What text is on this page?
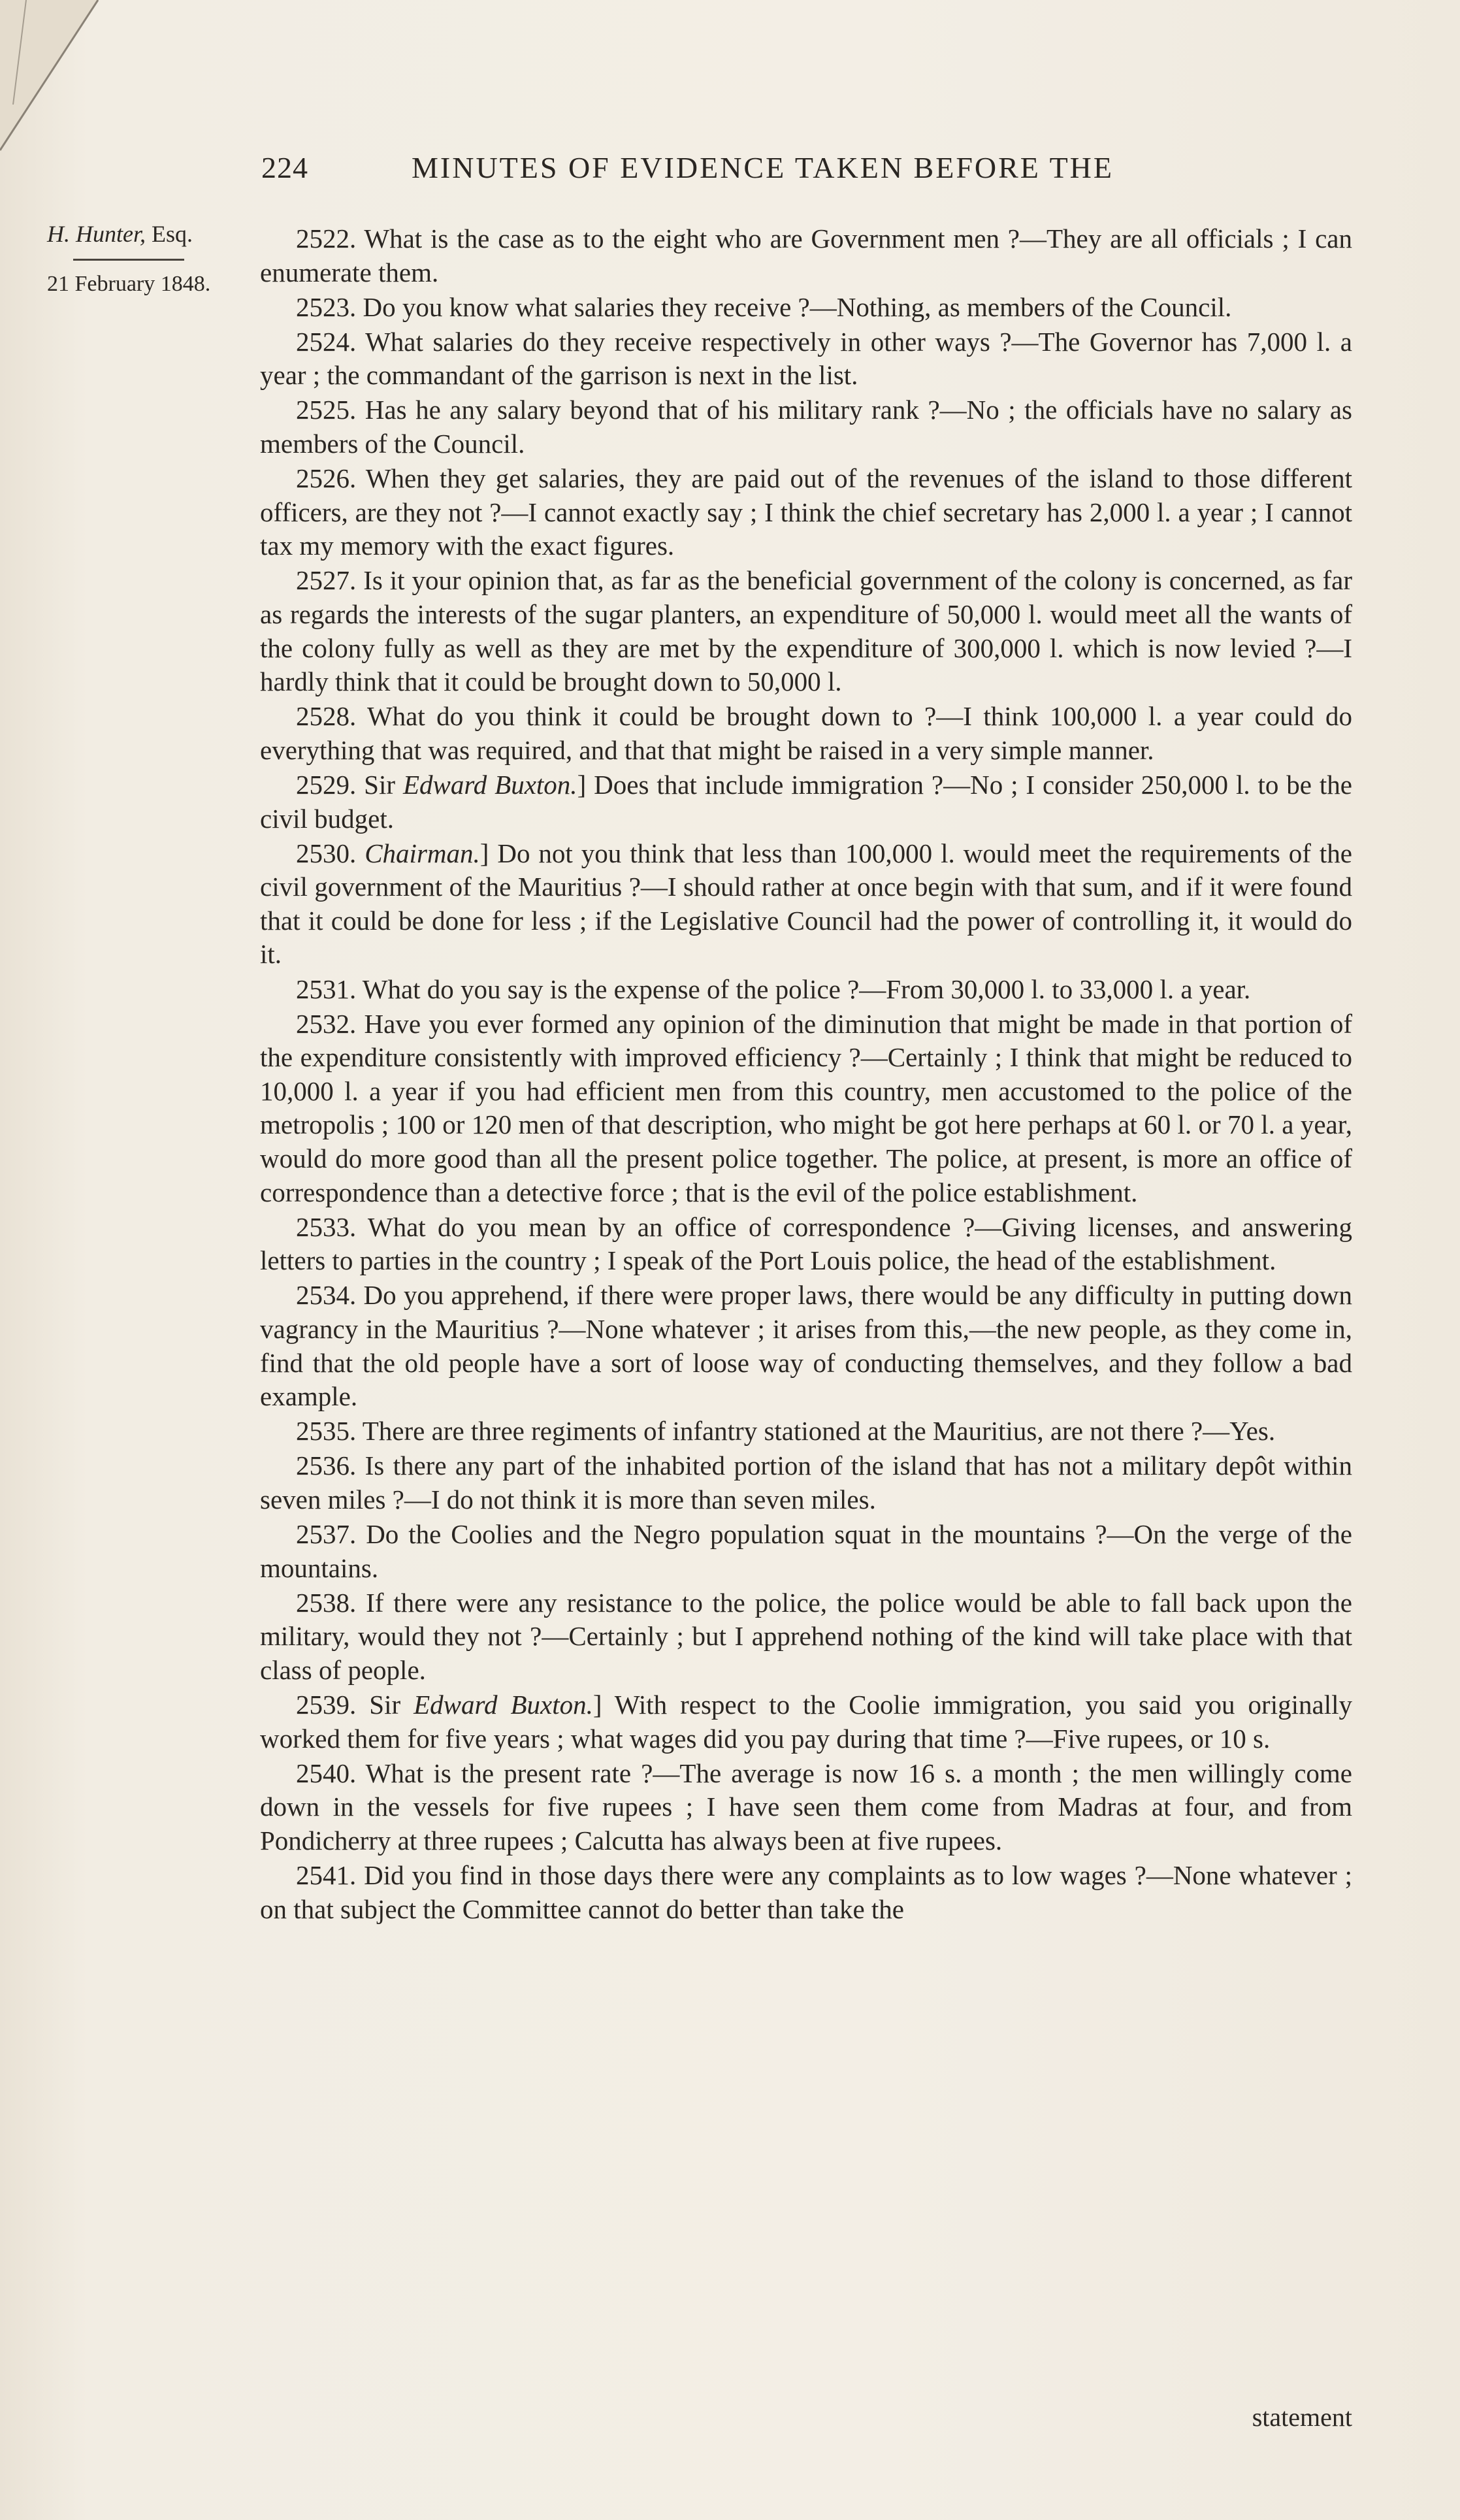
224	MINUTES OF EVIDENCE TAKEN BEFORE THE
H. Hunter, Esq.
21 February 1848.

2522. What is the case as to the eight who are Government men ?—They are all officials ; I can enumerate them.

2523. Do you know what salaries they receive ?—Nothing, as members of the Council.

2524. What salaries do they receive respectively in other ways ?—The Governor has 7,000 l. a year ; the commandant of the garrison is next in the list.

2525. Has he any salary beyond that of his military rank ?—No ; the officials have no salary as members of the Council.

2526. When they get salaries, they are paid out of the revenues of the island to those different officers, are they not ?—I cannot exactly say ; I think the chief secretary has 2,000 l. a year ; I cannot tax my memory with the exact figures.

2527. Is it your opinion that, as far as the beneficial government of the colony is concerned, as far as regards the interests of the sugar planters, an expenditure of 50,000 l. would meet all the wants of the colony fully as well as they are met by the expenditure of 300,000 l. which is now levied ?—I hardly think that it could be brought down to 50,000 l.

2528. What do you think it could be brought down to ?—I think 100,000 l. a year could do everything that was required, and that that might be raised in a very simple manner.

2529. Sir Edward Buxton.] Does that include immigration ?—No ; I consider 250,000 l. to be the civil budget.

2530. Chairman.] Do not you think that less than 100,000 l. would meet the requirements of the civil government of the Mauritius ?—I should rather at once begin with that sum, and if it were found that it could be done for less ; if the Legislative Council had the power of controlling it, it would do it.

2531. What do you say is the expense of the police ?—From 30,000 l. to 33,000 l. a year.

2532. Have you ever formed any opinion of the diminution that might be made in that portion of the expenditure consistently with improved efficiency ?—Certainly ; I think that might be reduced to 10,000 l. a year if you had efficient men from this country, men accustomed to the police of the metropolis ; 100 or 120 men of that description, who might be got here perhaps at 60 l. or 70 l. a year, would do more good than all the present police together. The police, at present, is more an office of correspondence than a detective force ; that is the evil of the police establishment.

2533. What do you mean by an office of correspondence ?—Giving licenses, and answering letters to parties in the country ; I speak of the Port Louis police, the head of the establishment.

2534. Do you apprehend, if there were proper laws, there would be any difficulty in putting down vagrancy in the Mauritius ?—None whatever ; it arises from this,—the new people, as they come in, find that the old people have a sort of loose way of conducting themselves, and they follow a bad example.

2535. There are three regiments of infantry stationed at the Mauritius, are not there ?—Yes.

2536. Is there any part of the inhabited portion of the island that has not a military depôt within seven miles ?—I do not think it is more than seven miles.

2537. Do the Coolies and the Negro population squat in the mountains ?—On the verge of the mountains.

2538. If there were any resistance to the police, the police would be able to fall back upon the military, would they not ?—Certainly ; but I apprehend nothing of the kind will take place with that class of people.

2539. Sir Edward Buxton.] With respect to the Coolie immigration, you said you originally worked them for five years ; what wages did you pay during that time ?—Five rupees, or 10 s.

2540. What is the present rate ?—The average is now 16 s. a month ; the men willingly come down in the vessels for five rupees ; I have seen them come from Madras at four, and from Pondicherry at three rupees ; Calcutta has always been at five rupees.

2541. Did you find in those days there were any complaints as to low wages ?—None whatever ; on that subject the Committee cannot do better than take the

statement
